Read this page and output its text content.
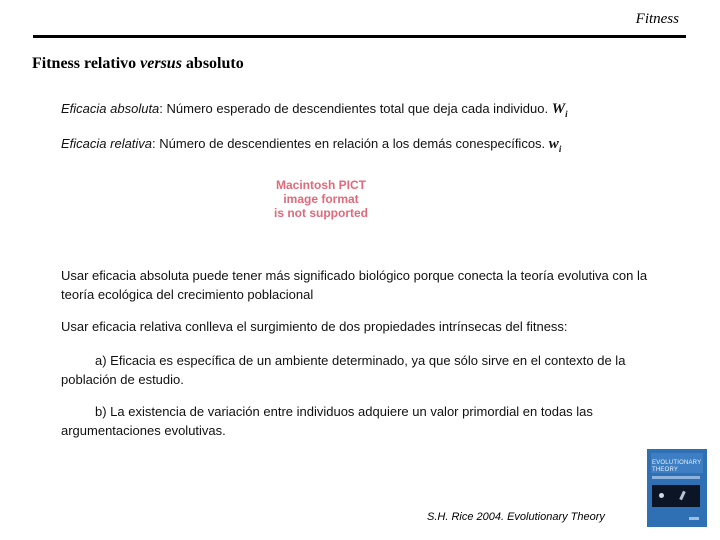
Fitness
Fitness relativo versus absoluto
Eficacia absoluta: Número esperado de descendientes total que deja cada individuo. $W_i$
Eficacia relativa: Número de descendientes en relación a los demás conespecíficos. $w_i$
Macintosh PICT
image format
is not supported
Usar eficacia absoluta puede tener más significado biológico porque conecta la teoría evolutiva con la teoría ecológica del crecimiento poblacional
Usar eficacia relativa conlleva el surgimiento de dos propiedades intrínsecas del fitness:
a) Eficacia es específica de un ambiente determinado, ya que sólo sirve en el contexto de la población de estudio.
b) La existencia de variación entre individuos adquiere un valor primordial en todas las argumentaciones evolutivas.
EVOLUTIONARY
THEORY
S.H. Rice 2004. Evolutionary Theory
